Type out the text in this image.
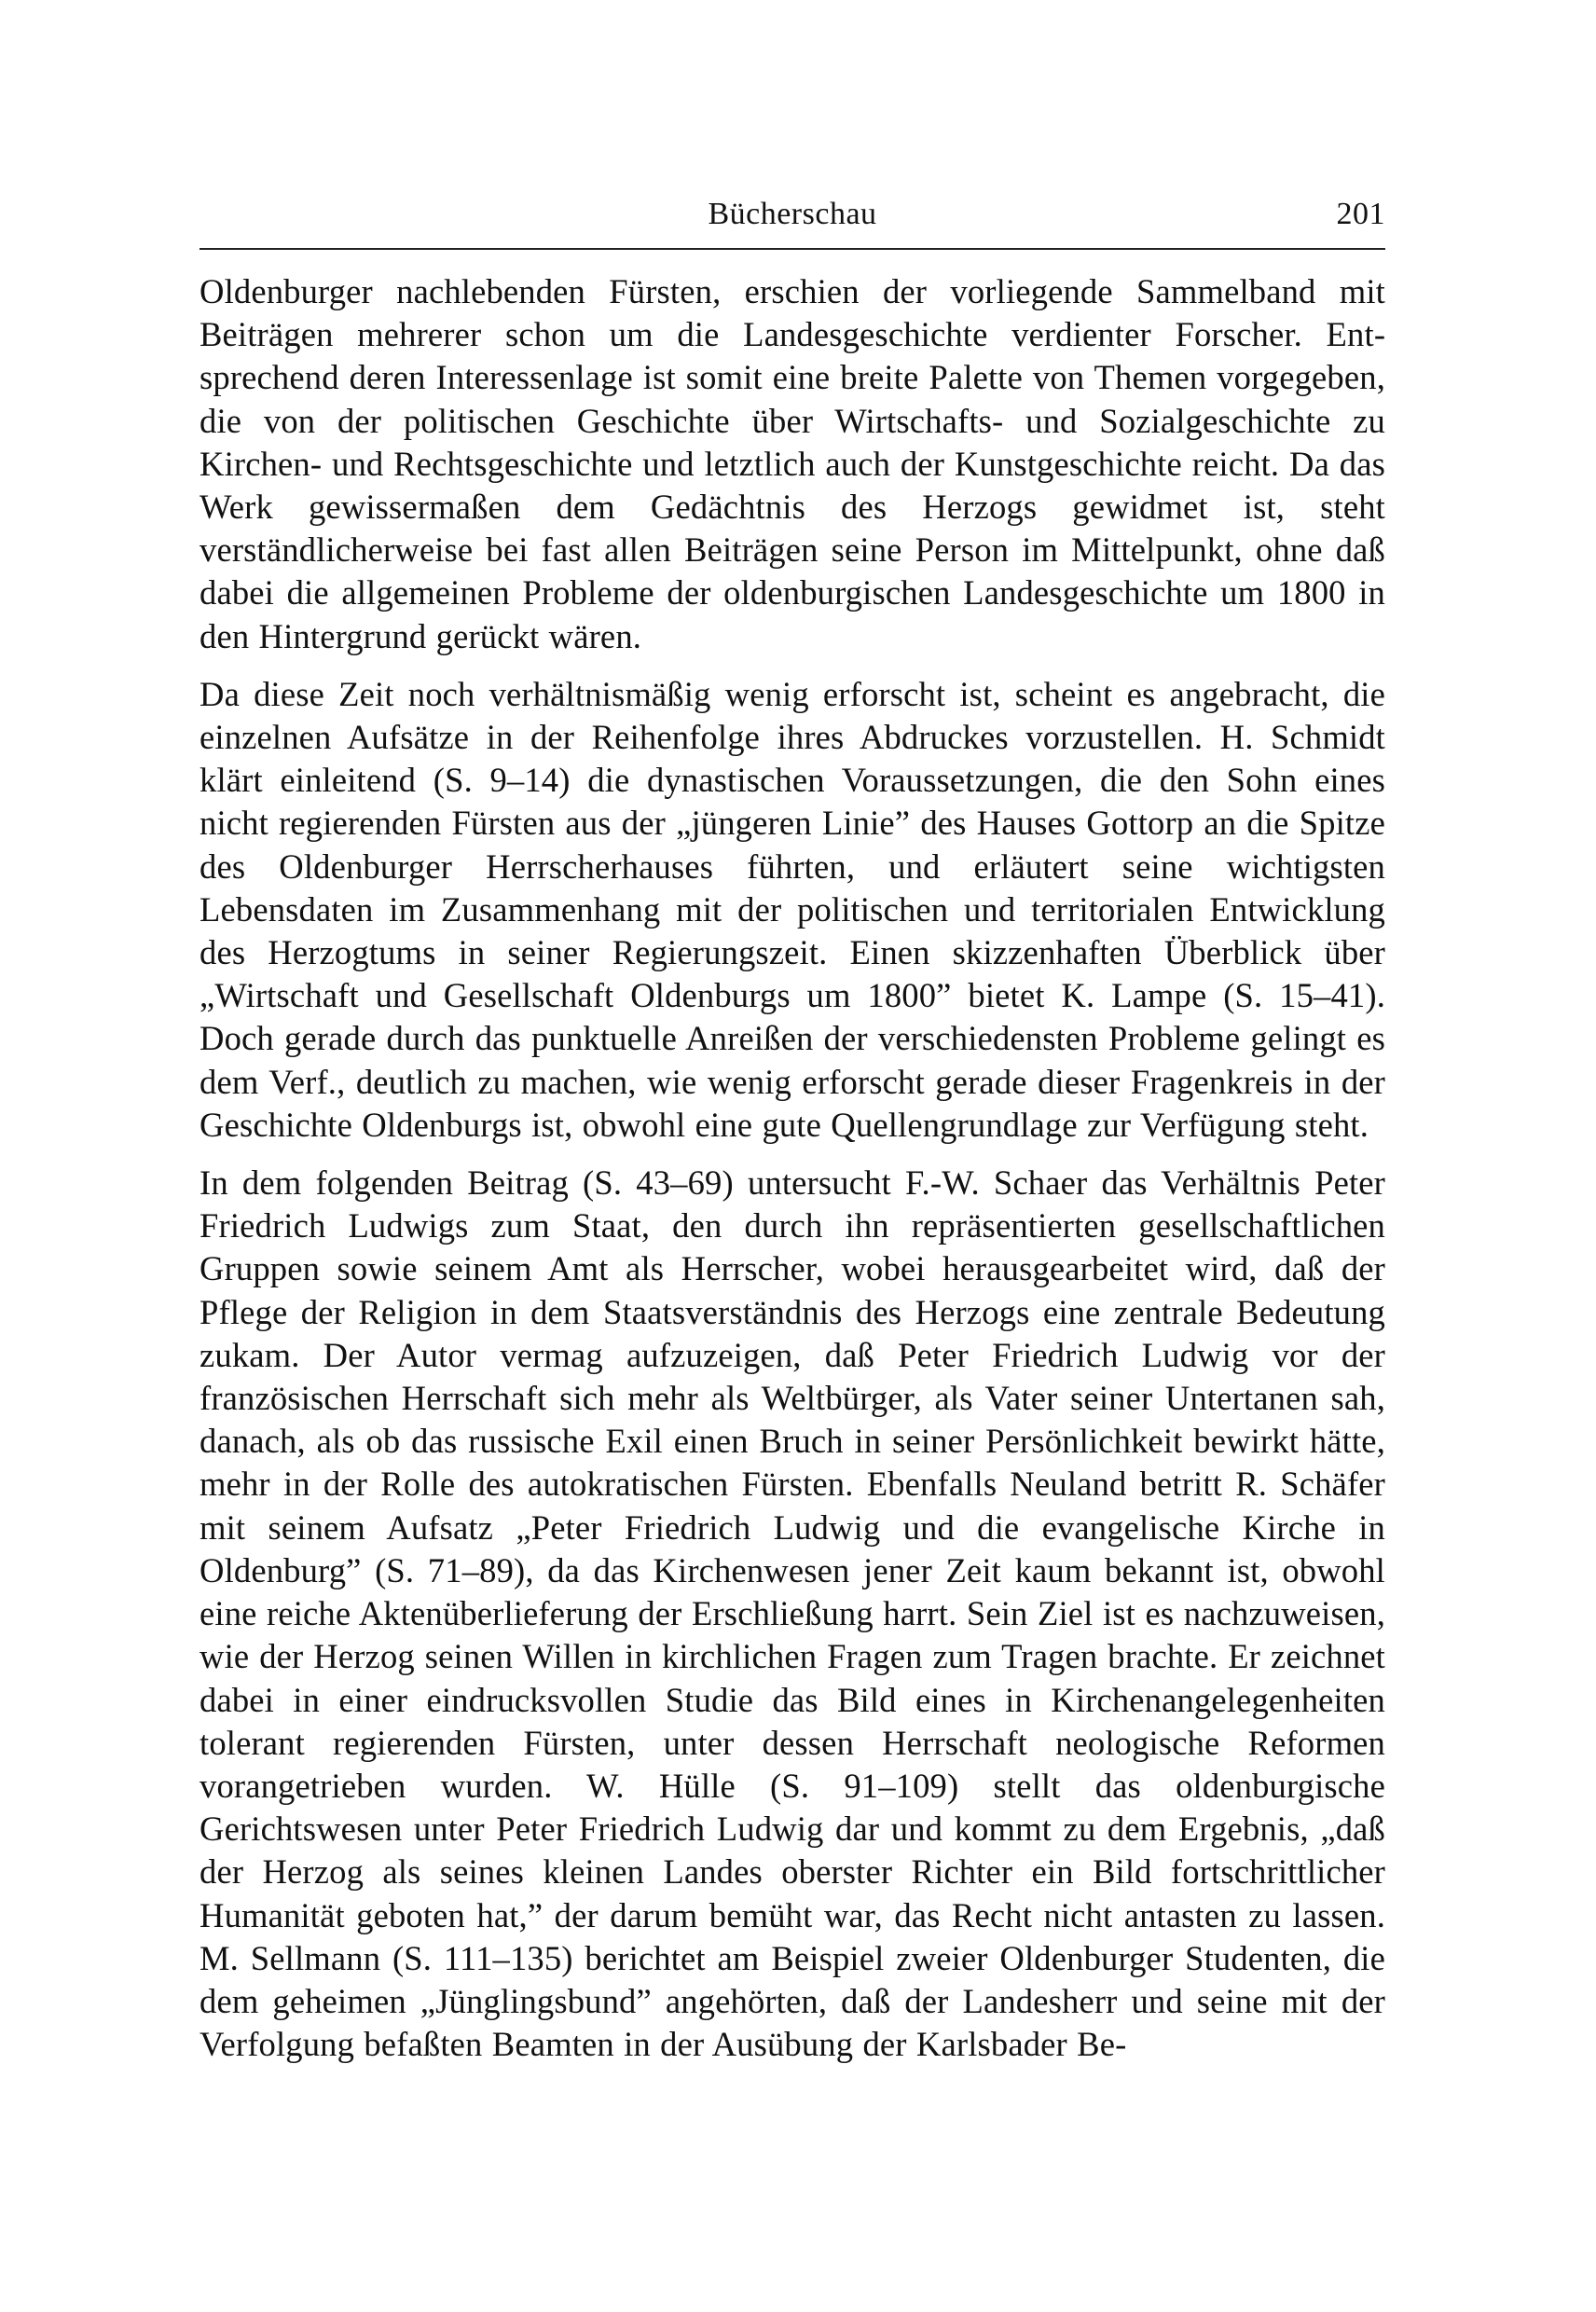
Bücherschau	201

Oldenburger nachlebenden Fürsten, erschien der vorliegende Sammelband mit Beiträgen mehrerer schon um die Landesgeschichte verdienter Forscher. Entsprechend deren Interessenlage ist somit eine breite Palette von Themen vorgegeben, die von der politischen Geschichte über Wirtschafts- und Sozialgeschichte zu Kirchen- und Rechtsgeschichte und letztlich auch der Kunstgeschichte reicht. Da das Werk gewissermaßen dem Gedächtnis des Herzogs gewidmet ist, steht verständlicherweise bei fast allen Beiträgen seine Person im Mittelpunkt, ohne daß dabei die allgemeinen Probleme der oldenburgischen Landesgeschichte um 1800 in den Hintergrund gerückt wären.

Da diese Zeit noch verhältnismäßig wenig erforscht ist, scheint es angebracht, die einzelnen Aufsätze in der Reihenfolge ihres Abdruckes vorzustellen. H. Schmidt klärt einleitend (S. 9–14) die dynastischen Voraussetzungen, die den Sohn eines nicht regierenden Fürsten aus der „jüngeren Linie” des Hauses Gottorp an die Spitze des Oldenburger Herrscherhauses führten, und erläutert seine wichtigsten Lebensdaten im Zusammenhang mit der politischen und territorialen Entwicklung des Herzogtums in seiner Regierungszeit. Einen skizzenhaften Überblick über „Wirtschaft und Gesellschaft Oldenburgs um 1800” bietet K. Lampe (S. 15–41). Doch gerade durch das punktuelle Anreißen der verschiedensten Probleme gelingt es dem Verf., deutlich zu machen, wie wenig erforscht gerade dieser Fragenkreis in der Geschichte Oldenburgs ist, obwohl eine gute Quellengrundlage zur Verfügung steht.

In dem folgenden Beitrag (S. 43–69) untersucht F.-W. Schaer das Verhältnis Peter Friedrich Ludwigs zum Staat, den durch ihn repräsentierten gesellschaftlichen Gruppen sowie seinem Amt als Herrscher, wobei herausgearbeitet wird, daß der Pflege der Religion in dem Staatsverständnis des Herzogs eine zentrale Bedeutung zukam. Der Autor vermag aufzuzeigen, daß Peter Friedrich Ludwig vor der französischen Herrschaft sich mehr als Weltbürger, als Vater seiner Untertanen sah, danach, als ob das russische Exil einen Bruch in seiner Persönlichkeit bewirkt hätte, mehr in der Rolle des autokratischen Fürsten. Ebenfalls Neuland betritt R. Schäfer mit seinem Aufsatz „Peter Friedrich Ludwig und die evangelische Kirche in Oldenburg” (S. 71–89), da das Kirchenwesen jener Zeit kaum bekannt ist, obwohl eine reiche Aktenüberlieferung der Erschließung harrt. Sein Ziel ist es nachzuweisen, wie der Herzog seinen Willen in kirchlichen Fragen zum Tragen brachte. Er zeichnet dabei in einer eindrucksvollen Studie das Bild eines in Kirchenangelegenheiten tolerant regierenden Fürsten, unter dessen Herrschaft neologische Reformen vorangetrieben wurden. W. Hülle (S. 91–109) stellt das oldenburgische Gerichtswesen unter Peter Friedrich Ludwig dar und kommt zu dem Ergebnis, „daß der Herzog als seines kleinen Landes oberster Richter ein Bild fortschrittlicher Humanität geboten hat,” der darum bemüht war, das Recht nicht antasten zu lassen. M. Sellmann (S. 111–135) berichtet am Beispiel zweier Oldenburger Studenten, die dem geheimen „Jünglingsbund” angehörten, daß der Landesherr und seine mit der Verfolgung befaßten Beamten in der Ausübung der Karlsbader Be-
